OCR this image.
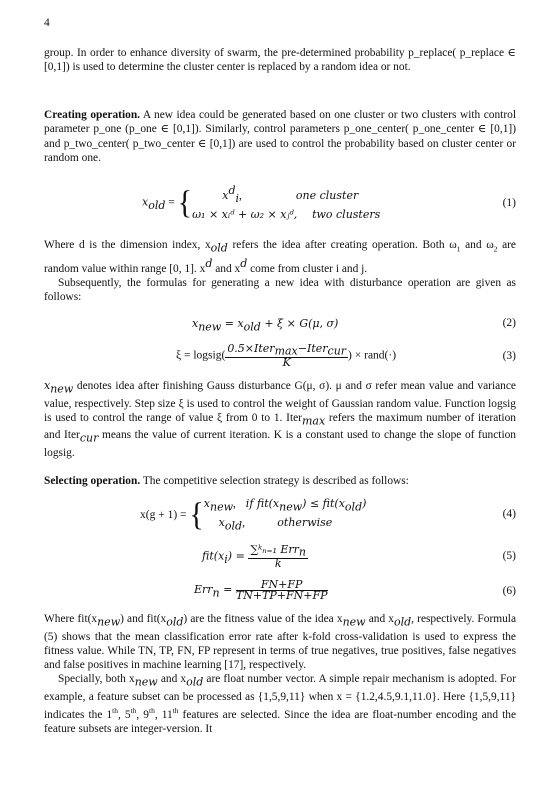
4

group. In order to enhance diversity of swarm, the pre-determined probability p_replace( p_replace ∈ [0,1]) is used to determine the cluster center is replaced by a random idea or not.

Creating operation. A new idea could be generated based on one cluster or two clusters with control parameter p_one (p_one ∈ [0,1]). Similarly, control parameters p_one_center( p_one_center ∈ [0,1]) and p_two_center( p_two_center ∈ [0,1]) are used to control the probability based on cluster center or random one.

$x_{old}$ = {	$x^d_i$,	one cluster
ω₁ × xᵢᵈ + ω₂ × xⱼᵈ, two clusters
(1)

Where d is the dimension index, $x_{old}$ refers the idea after creating operation. Both $\omega_1$ and $\omega_2$ are random value within range [0, 1]. $x^d$ and $x^d$ come from cluster i and j.

Subsequently, the formulas for generating a new idea with disturbance operation are given as follows:

$x_{new} = x_{old} + \xi \times G(\mu$, σ)	(2)
ξ = logsig( $\frac{0.5\times Iter_{max}-Iter_{cur}}{K}$ ) × rand(·)	(3)

$x_{new}$ denotes idea after finishing Gauss disturbance G(μ, σ). μ and σ refer mean value and variance value, respectively. Step size ξ is used to control the weight of Gaussian random value. Function logsig is used to control the range of value ξ from 0 to 1. Iter$_{max}$ refers the maximum number of iteration and Iter$_{cur}$ means the value of current iteration. K is a constant used to change the slope of function logsig.

Selecting operation. The competitive selection strategy is described as follows:

x(g + 1) = { $x_{new}$, if $fit(x_{new}) \le fit(x_{old})$
$x_{old}$,	otherwise
(4)
$fit(x_i) = \frac{\sum ᵏ_{n=1} Err_n}{k}$	(5)
$Err_n = \frac{FN+FP}{TN+TP+FN+FP}$	(6)

Where $fit(x_{new})$ and $fit(x_{old})$ are the fitness value of the idea $x_{new}$ and $x_{old}$, respectively. Formula (5) shows that the mean classification error rate after k-fold cross-validation is used to express the fitness value. While TN, TP, FN, FP represent in terms of true negatives, true positives, false negatives and false positives in machine learning [17], respectively.

Specially, both $x_{new}$ and $x_{old}$ are float number vector. A simple repair mechanism is adopted. For example, a feature subset can be processed as {1,5,9,11} when x = {1.2,4.5,9.1,11.0}. Here {1,5,9,11} indicates the 1th, 5th, 9th, 11th features are selected. Since the idea are float-number encoding and the feature subsets are integer-version. It
